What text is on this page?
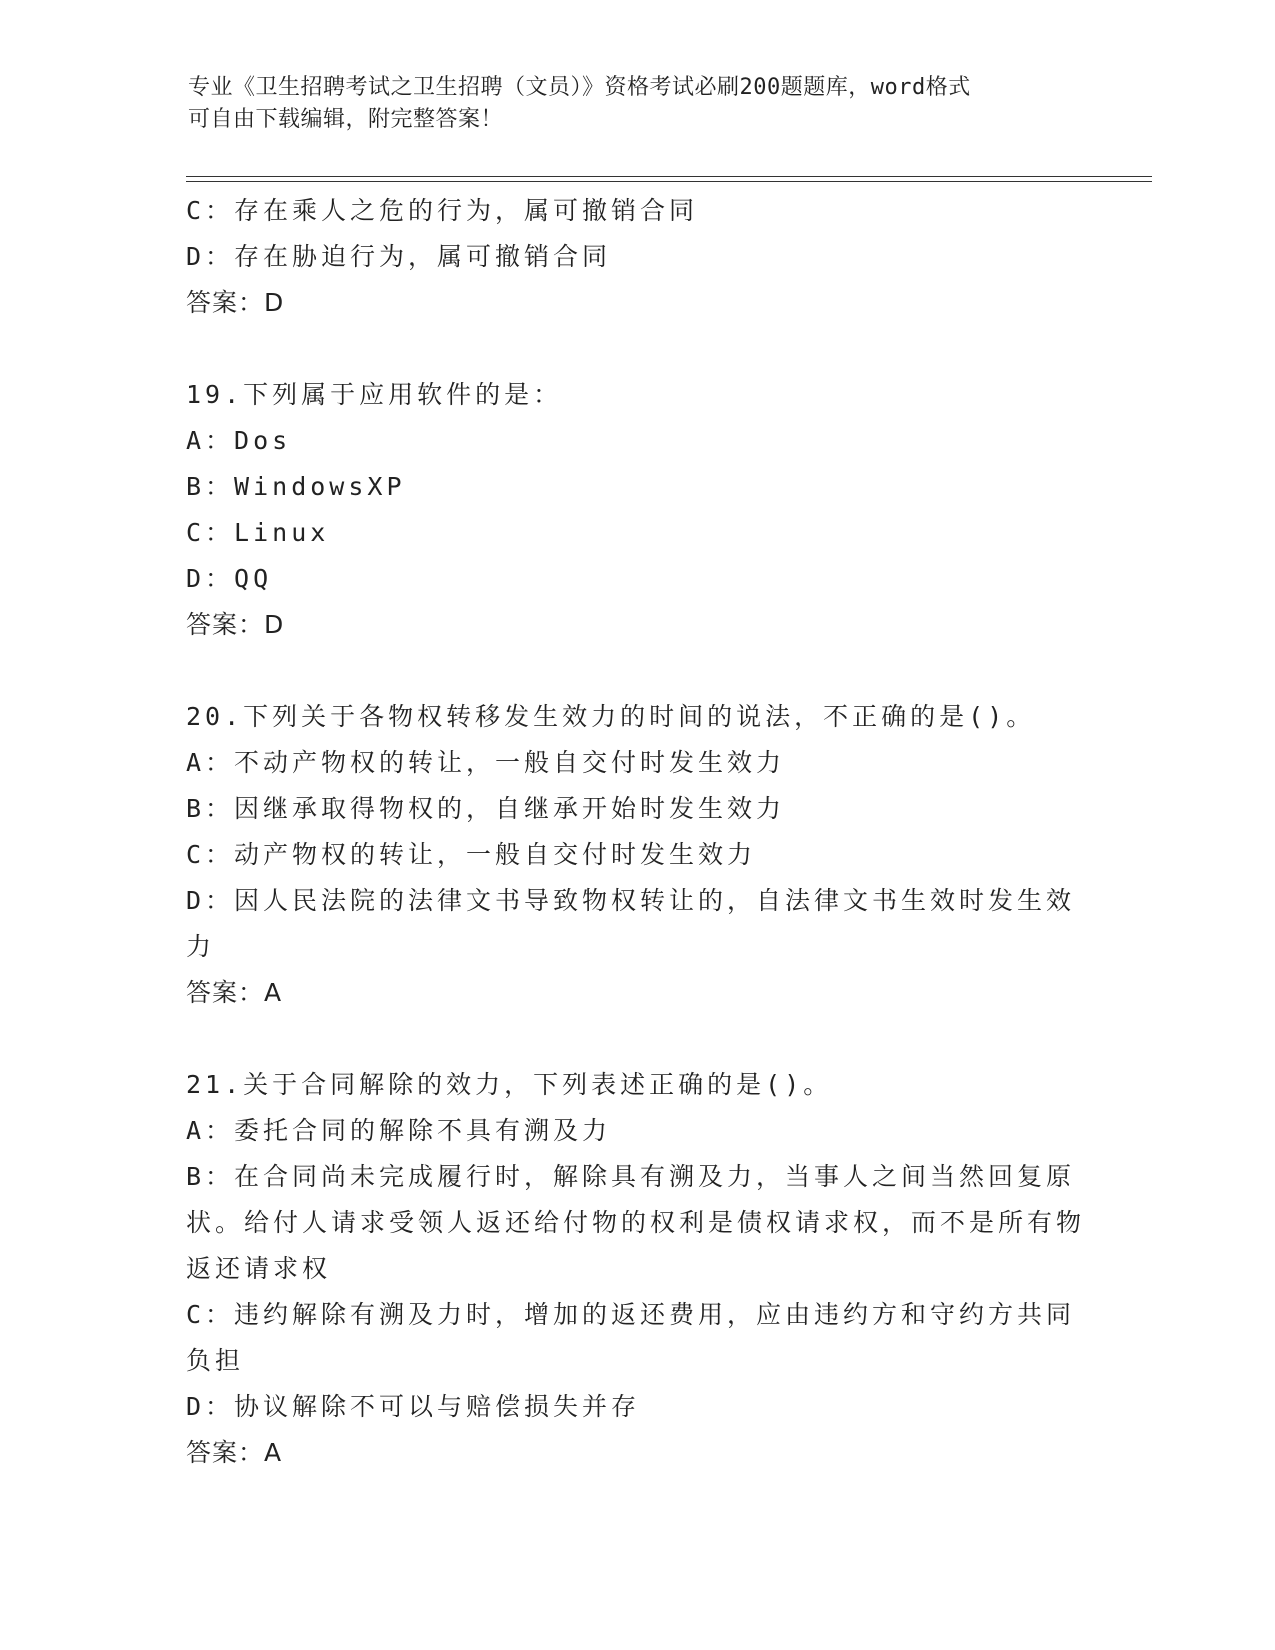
专业《卫生招聘考试之卫生招聘（文员）》资格考试必刷200题题库，word格式
可自由下载编辑，附完整答案！
C：存在乘人之危的行为，属可撤销合同
D：存在胁迫行为，属可撤销合同
答案：D
19.下列属于应用软件的是：
A：Dos
B：WindowsXP
C：Linux
D：QQ
答案：D
20.下列关于各物权转移发生效力的时间的说法，不正确的是()。
A：不动产物权的转让，一般自交付时发生效力
B：因继承取得物权的，自继承开始时发生效力
C：动产物权的转让，一般自交付时发生效力
D：因人民法院的法律文书导致物权转让的，自法律文书生效时发生效力
答案：A
21.关于合同解除的效力，下列表述正确的是()。
A：委托合同的解除不具有溯及力
B：在合同尚未完成履行时，解除具有溯及力，当事人之间当然回复原状。给付人请求受领人返还给付物的权利是债权请求权，而不是所有物返还请求权
C：违约解除有溯及力时，增加的返还费用，应由违约方和守约方共同负担
D：协议解除不可以与赔偿损失并存
答案：A
